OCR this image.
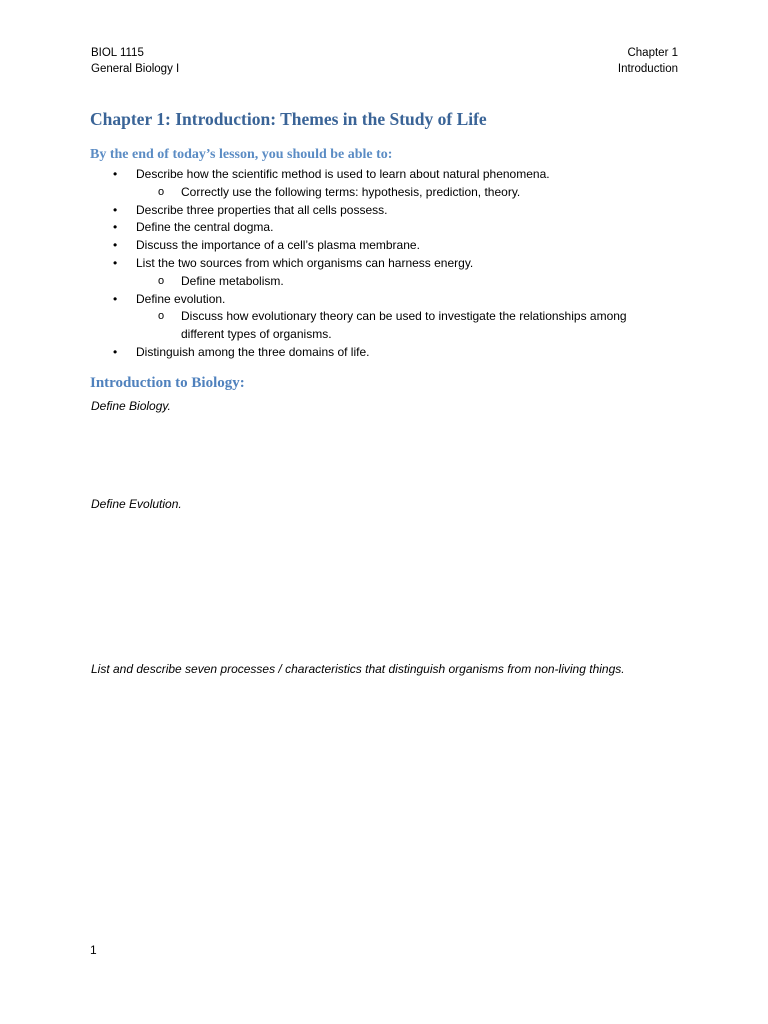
BIOL 1115
General Biology I
Chapter 1
Introduction
Chapter 1: Introduction: Themes in the Study of Life
By the end of today’s lesson, you should be able to:
• Describe how the scientific method is used to learn about natural phenomena.
o Correctly use the following terms: hypothesis, prediction, theory.
• Describe three properties that all cells possess.
• Define the central dogma.
• Discuss the importance of a cell’s plasma membrane.
• List the two sources from which organisms can harness energy.
o Define metabolism.
• Define evolution.
o Discuss how evolutionary theory can be used to investigate the relationships among different types of organisms.
• Distinguish among the three domains of life.
Introduction to Biology:
Define Biology.
Define Evolution.
List and describe seven processes / characteristics that distinguish organisms from non-living things.
1
